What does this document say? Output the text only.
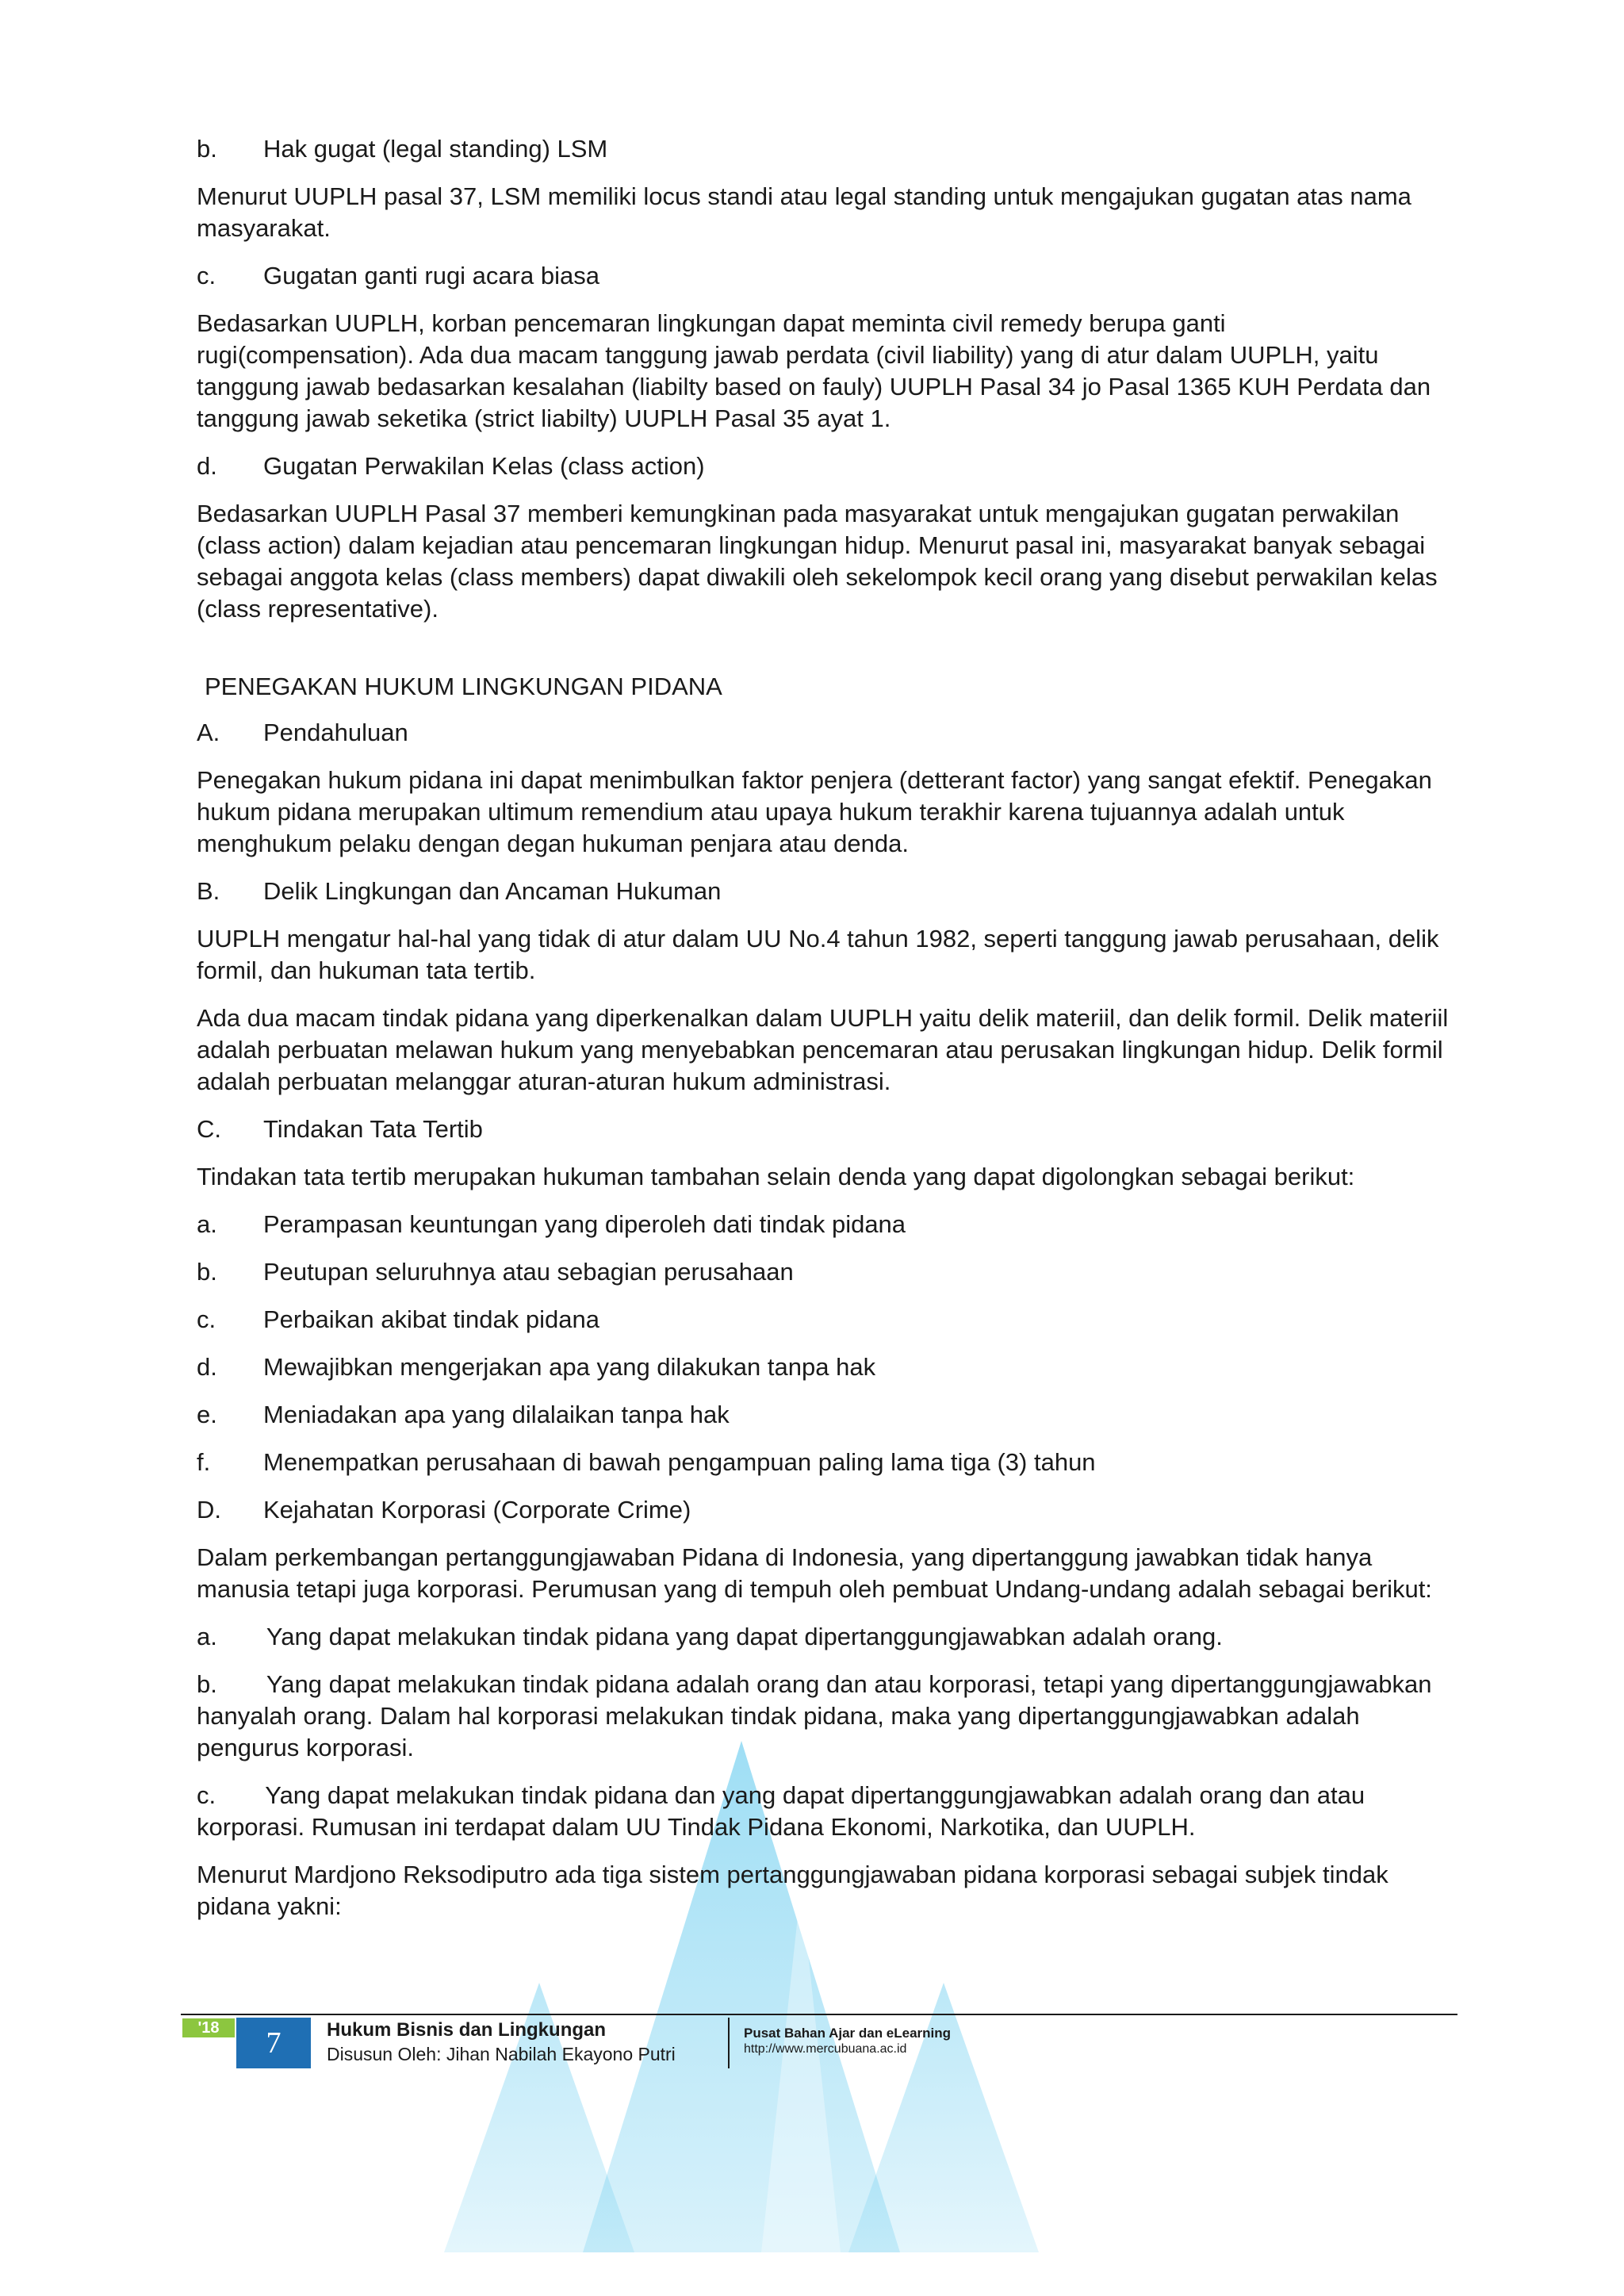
b.	Hak gugat (legal standing) LSM

Menurut UUPLH pasal 37, LSM memiliki locus standi atau legal standing untuk mengajukan gugatan atas nama masyarakat.

c.	Gugatan ganti rugi acara biasa

Bedasarkan UUPLH, korban pencemaran lingkungan dapat meminta civil remedy berupa ganti rugi(compensation). Ada dua macam tanggung jawab perdata (civil liability) yang di atur dalam UUPLH, yaitu tanggung jawab bedasarkan kesalahan (liabilty based on fauly) UUPLH Pasal 34 jo Pasal 1365 KUH Perdata dan tanggung jawab seketika (strict liabilty) UUPLH Pasal 35 ayat 1.

d.	Gugatan Perwakilan Kelas (class action)

Bedasarkan UUPLH Pasal 37 memberi kemungkinan pada masyarakat untuk mengajukan gugatan perwakilan (class action) dalam kejadian atau pencemaran lingkungan hidup. Menurut pasal ini, masyarakat banyak sebagai sebagai anggota kelas (class members) dapat diwakili oleh sekelompok kecil orang yang disebut perwakilan kelas (class representative).

PENEGAKAN HUKUM LINGKUNGAN PIDANA
A.	Pendahuluan

Penegakan hukum pidana ini dapat menimbulkan faktor penjera (detterant factor) yang sangat efektif. Penegakan hukum pidana merupakan ultimum remendium atau upaya hukum terakhir karena tujuannya adalah untuk menghukum pelaku dengan degan hukuman penjara atau denda.

B.	Delik Lingkungan dan Ancaman Hukuman

UUPLH mengatur hal-hal yang tidak di atur dalam UU No.4 tahun 1982, seperti tanggung jawab perusahaan, delik formil, dan hukuman tata tertib.

Ada dua macam tindak pidana yang diperkenalkan dalam UUPLH yaitu delik materiil, dan delik formil. Delik materiil adalah perbuatan melawan hukum yang menyebabkan pencemaran atau perusakan lingkungan hidup. Delik formil adalah perbuatan melanggar aturan-aturan hukum administrasi.

C.	Tindakan Tata Tertib

Tindakan tata tertib merupakan hukuman tambahan selain denda yang dapat digolongkan sebagai berikut:

a.	Perampasan keuntungan yang diperoleh dati tindak pidana
b.	Peutupan seluruhnya atau sebagian perusahaan
c.	Perbaikan akibat tindak pidana
d.	Mewajibkan mengerjakan apa yang dilakukan tanpa hak
e.	Meniadakan apa yang dilalaikan tanpa hak
f.	Menempatkan perusahaan di bawah pengampuan paling lama tiga (3) tahun
D.	Kejahatan Korporasi (Corporate Crime)

Dalam perkembangan pertanggungjawaban Pidana di Indonesia, yang dipertanggung jawabkan tidak hanya manusia tetapi juga korporasi. Perumusan yang di tempuh oleh pembuat Undang-undang adalah sebagai berikut:

a. Yang dapat melakukan tindak pidana yang dapat dipertanggungjawabkan adalah orang.
b. Yang dapat melakukan tindak pidana adalah orang dan atau korporasi, tetapi yang dipertanggungjawabkan hanyalah orang. Dalam hal korporasi melakukan tindak pidana, maka yang dipertanggungjawabkan adalah pengurus korporasi.
c. Yang dapat melakukan tindak pidana dan yang dapat dipertanggungjawabkan adalah orang dan atau korporasi. Rumusan ini terdapat dalam UU Tindak Pidana Ekonomi, Narkotika, dan UUPLH.

Menurut Mardjono Reksodiputro ada tiga sistem pertanggungjawaban pidana korporasi sebagai subjek tindak pidana yakni:

'18	7	Hukum Bisnis dan Lingkungan
Disusun Oleh: Jihan Nabilah Ekayono Putri
Pusat Bahan Ajar dan eLearning
http://www.mercubuana.ac.id
